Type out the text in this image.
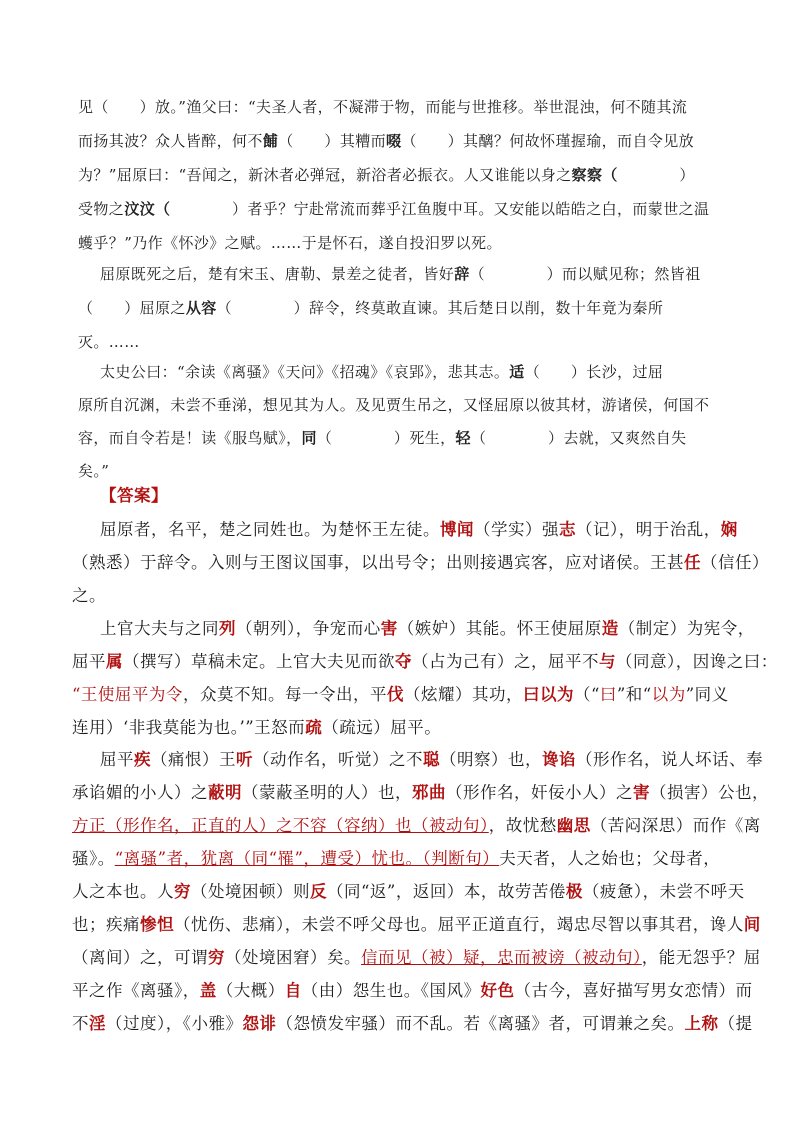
见（　　）放。”渔父曰：“夫圣人者，不凝滞于物，而能与世推移。举世混浊，何不随其流
而扬其波？众人皆醉，何不餔（　　）其糟而啜（　　）其醨？何故怀瑾握瑜，而自令见放
为？”屈原曰：“吾闻之，新沐者必弹冠，新浴者必振衣。人又谁能以身之察察（　　　　）
受物之汶汶（　　　　）者乎？宁赴常流而葬乎江鱼腹中耳。又安能以皓皓之白，而蒙世之温
蠖乎？”乃作《怀沙》之赋。……于是怀石，遂自投汨罗以死。
屈原既死之后，楚有宋玉、唐勒、景差之徒者，皆好辞（　　　　）而以赋见称；然皆祖
（　　）屈原之从容（　　　　）辞令，终莫敢直谏。其后楚日以削，数十年竟为秦所
灭。……
太史公曰：“余读《离骚》《天问》《招魂》《哀郢》，悲其志。适（　　）长沙，过屈
原所自沉渊，未尝不垂涕，想见其为人。及见贾生吊之，又怪屈原以彼其材，游诸侯，何国不
容，而自令若是！读《服鸟赋》，同（　　　　）死生，轻（　　　　）去就，又爽然自失
矣。”
【答案】
屈原者，名平，楚之同姓也。为楚怀王左徒。博闻（学实）强志（记），明于治乱，娴
（熟悉）于辞令。入则与王图议国事，以出号令；出则接遇宾客，应对诸侯。王甚任（信任）
之。
上官大夫与之同列（朝列），争宠而心害（嫉妒）其能。怀王使屈原造（制定）为宪令，
屈平属（撰写）草稿未定。上官大夫见而欲夺（占为己有）之，屈平不与（同意），因谗之曰：
“王使屈平为令，众莫不知。每一令出，平伐（炫耀）其功，曰以为（“曰”和“以为”同义
连用）‘非我莫能为也。’”王怒而疏（疏远）屈平。
屈平疾（痛恨）王听（动作名，听觉）之不聪（明察）也，谗谄（形作名，说人坏话、奉
承谄媚的小人）之蔽明（蒙蔽圣明的人）也，邪曲（形作名，奸佞小人）之害（损害）公也，
方正（形作名，正直的人）之不容（容纳）也（被动句），故忧愁幽思（苦闷深思）而作《离
骚》。“离骚”者，犹离（同“罹”，遭受）忧也。（判断句）夫天者，人之始也；父母者，
人之本也。人穷（处境困顿）则反（同“返”，返回）本，故劳苦倦极（疲惫），未尝不呼天
也；疾痛惨怛（忧伤、悲痛），未尝不呼父母也。屈平正道直行，竭忠尽智以事其君，谗人间
（离间）之，可谓穷（处境困窘）矣。信而见（被）疑，忠而被谤（被动句），能无怨乎？屈
平之作《离骚》，盖（大概）自（由）怨生也。《国风》好色（古今，喜好描写男女恋情）而
不淫（过度），《小雅》怨诽（怨愤发牢骚）而不乱。若《离骚》者，可谓兼之矣。上称（提
